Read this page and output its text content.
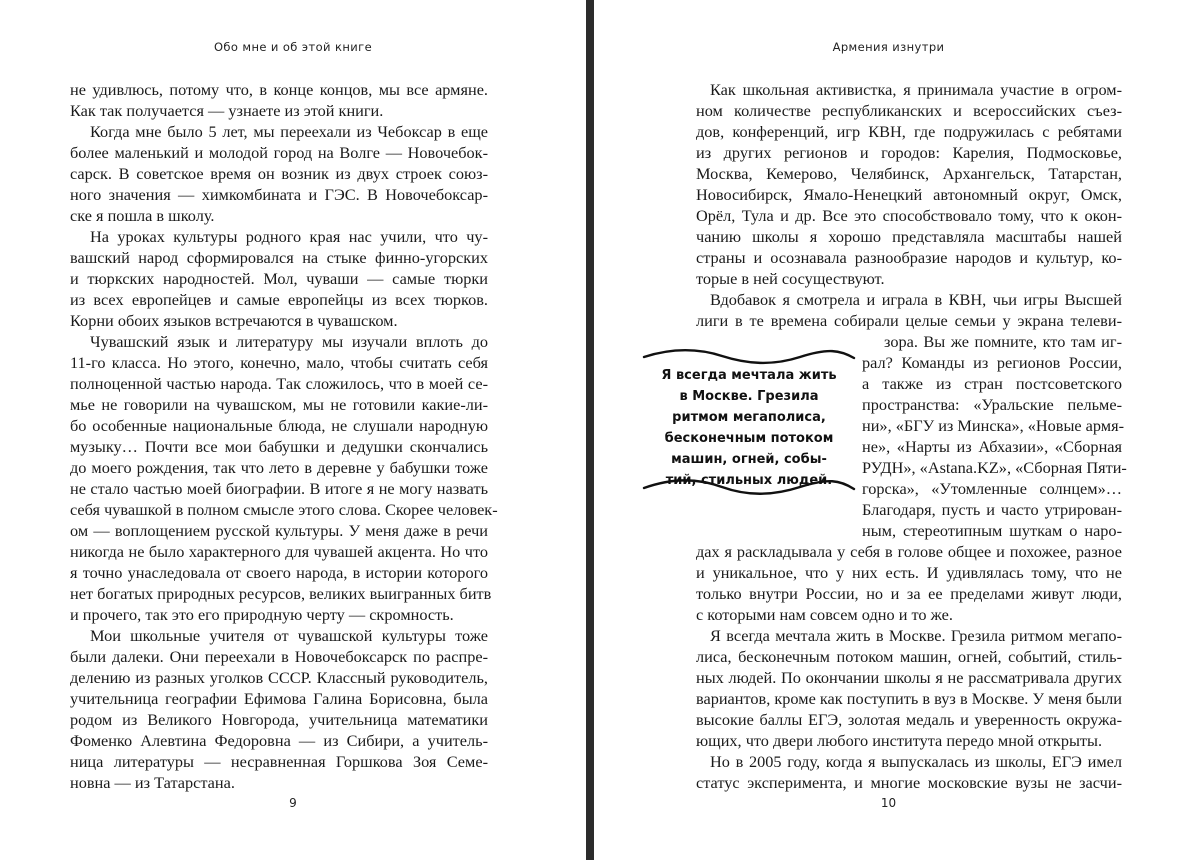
Обо мне и об этой книге
не удивлюсь, потому что, в конце концов, мы все армяне.
Как так получается — узнаете из этой книги.
Когда мне было 5 лет, мы переехали из Чебоксар в еще
более маленький и молодой город на Волге — Новочебок-
сарск. В советское время он возник из двух строек союз-
ного значения — химкомбината и ГЭС. В Новочебоксар-
ске я пошла в школу.
На уроках культуры родного края нас учили, что чу-
вашский народ сформировался на стыке финно-угорских
и тюркских народностей. Мол, чуваши — самые тюрки
из всех европейцев и самые европейцы из всех тюрков.
Корни обоих языков встречаются в чувашском.
Чувашский язык и литературу мы изучали вплоть до
11-го класса. Но этого, конечно, мало, чтобы считать себя
полноценной частью народа. Так сложилось, что в моей се-
мье не говорили на чувашском, мы не готовили какие-ли-
бо особенные национальные блюда, не слушали народную
музыку… Почти все мои бабушки и дедушки скончались
до моего рождения, так что лето в деревне у бабушки тоже
не стало частью моей биографии. В итоге я не могу назвать
себя чувашкой в полном смысле этого слова. Скорее человек-
ом — воплощением русской культуры. У меня даже в речи
никогда не было характерного для чувашей акцента. Но что
я точно унаследовала от своего народа, в истории которого
нет богатых природных ресурсов, великих выигранных битв
и прочего, так это его природную черту — скромность.
Мои школьные учителя от чувашской культуры тоже
были далеки. Они переехали в Новочебоксарск по распре-
делению из разных уголков СССР. Классный руководитель,
учительница географии Ефимова Галина Борисовна, была
родом из Великого Новгорода, учительница математики
Фоменко Алевтина Федоровна — из Сибири, а учитель-
ница литературы — несравненная Горшкова Зоя Семе-
новна — из Татарстана.
9
Армения изнутри
Как школьная активистка, я принимала участие в огром-
ном количестве республиканских и всероссийских съез-
дов, конференций, игр КВН, где подружилась с ребятами
из других регионов и городов: Карелия, Подмосковье,
Москва, Кемерово, Челябинск, Архангельск, Татарстан,
Новосибирск, Ямало-Ненецкий автономный округ, Омск,
Орёл, Тула и др. Все это способствовало тому, что к окон-
чанию школы я хорошо представляла масштабы нашей
страны и осознавала разнообразие народов и культур, ко-
торые в ней сосуществуют.
Вдобавок я смотрела и играла в КВН, чьи игры Высшей
лиги в те времена собирали целые семьи у экрана телеви-
зора. Вы же помните, кто там иг-
рал? Команды из регионов России,
а также из стран постсоветского
пространства: «Уральские пельме-
ни», «БГУ из Минска», «Новые армя-
не», «Нарты из Абхазии», «Сборная
РУДН», «Astana.KZ», «Сборная Пяти-
горска», «Утомленные солнцем»…
Благодаря, пусть и часто утрирован-
ным, стереотипным шуткам о наро-
дах я раскладывала у себя в голове общее и похожее, разное
и уникальное, что у них есть. И удивлялась тому, что не
только внутри России, но и за ее пределами живут люди,
с которыми нам совсем одно и то же.
Я всегда мечтала жить в Москве. Грезила ритмом мегапо-
лиса, бесконечным потоком машин, огней, событий, стиль-
ных людей. По окончании школы я не рассматривала других
вариантов, кроме как поступить в вуз в Москве. У меня были
высокие баллы ЕГЭ, золотая медаль и уверенность окружа-
ющих, что двери любого института передо мной открыты.
Но в 2005 году, когда я выпускалась из школы, ЕГЭ имел
статус эксперимента, и многие московские вузы не засчи-
Я всегда мечтала жить
в Москве. Грезила
ритмом мегаполиса,
бесконечным потоком
машин, огней, собы-
тий, стильных людей.
10
